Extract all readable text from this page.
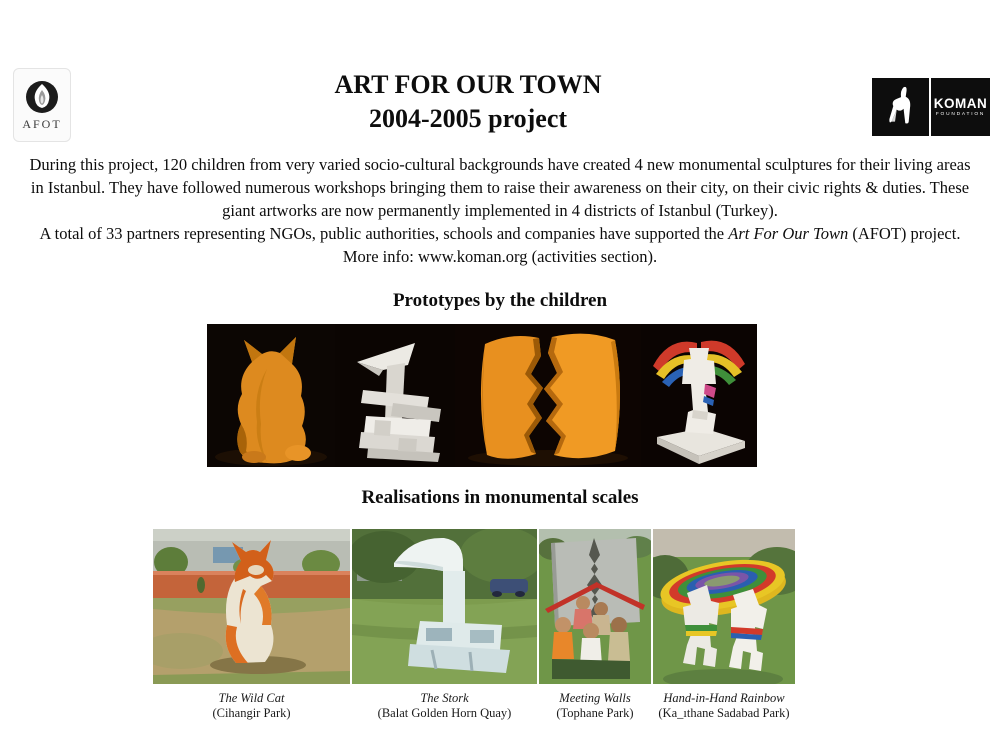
AFOT
ART FOR OUR TOWN
2004-2005 project
KOMAN
FOUNDATION

During this project, 120 children from very varied socio-cultural backgrounds have created 4 new monumental sculptures for their living areas in Istanbul. They have followed numerous workshops bringing them to raise their awareness on their city, on their civic rights & duties. These giant artworks are now permanently implemented in 4 districts of Istanbul (Turkey).

A total of 33 partners representing NGOs, public authorities, schools and companies have supported the Art For Our Town (AFOT) project. More info: www.koman.org (activities section).

Prototypes by the children
Realisations in monumental scales
The Wild Cat
(Cihangir Park)
The Stork
(Balat Golden Horn Quay)
Meeting Walls
(Tophane Park)
Hand-in-Hand Rainbow
(Ka_ıthane Sadabad Park)
